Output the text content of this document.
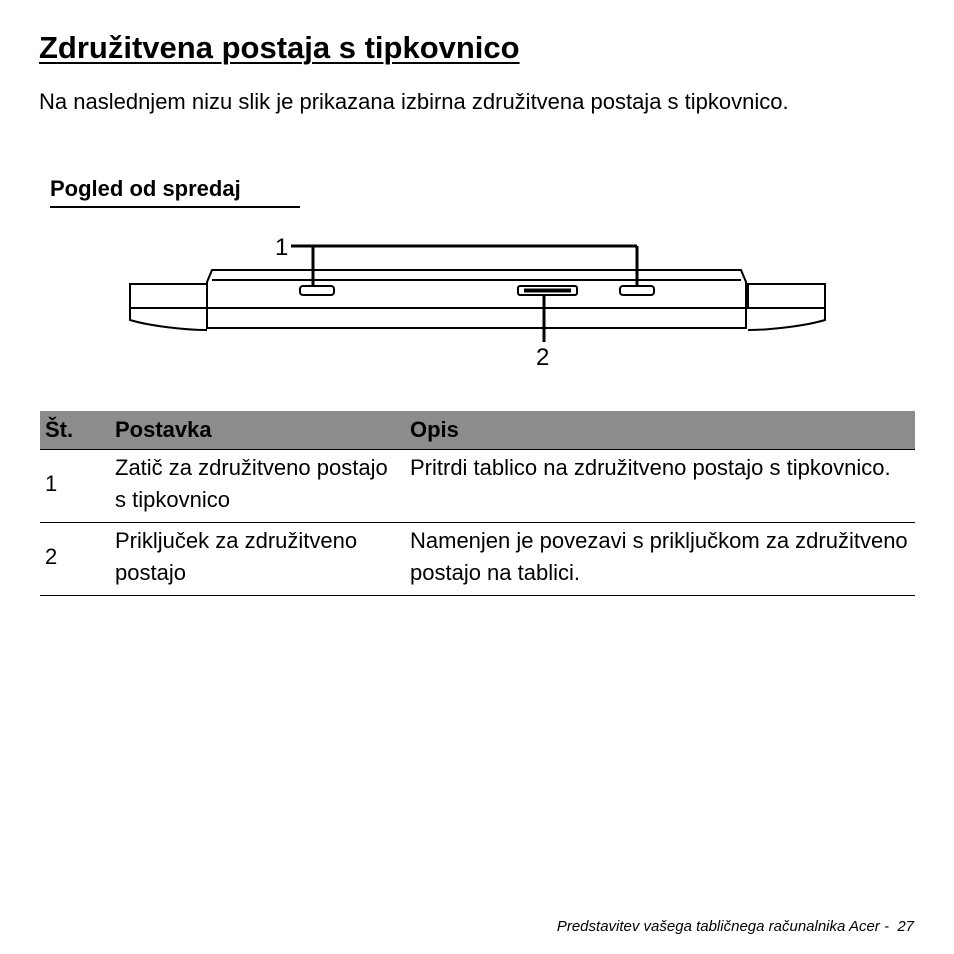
Združitvena postaja s tipkovnico

Na naslednjem nizu slik je prikazana izbirna združitvena postaja s tipkovnico.

Pogled od spredaj
1
2
Št.	Postavka	Opis
1	Zatič za združitveno postajo s tipkovnico	Pritrdi tablico na združitveno postajo s tipkovnico.
2	Priključek za združitveno postajo	Namenjen je povezavi s priključkom za združitveno postajo na tablici.

Predstavitev vašega tabličnega računalnika Acer - 27
